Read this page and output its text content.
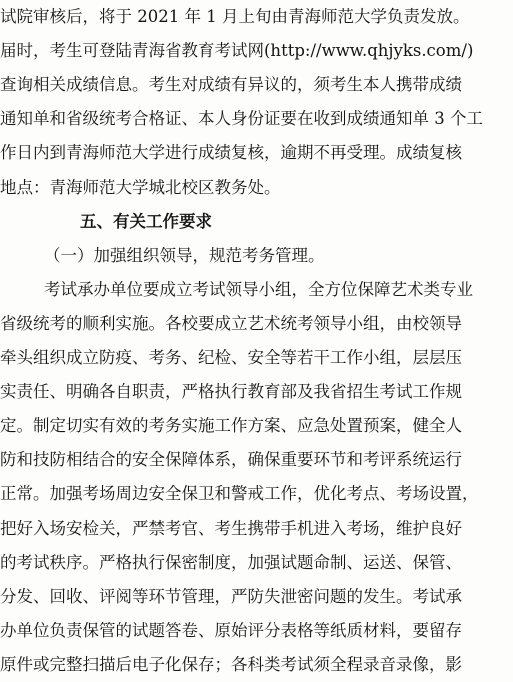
试院审核后，将于 2021 年 1 月上旬由青海师范大学负责发放。
届时，考生可登陆青海省教育考试网(http://www.qhjyks.com/)
查询相关成绩信息。考生对成绩有异议的，须考生本人携带成绩
通知单和省级统考合格证、本人身份证要在收到成绩通知单 3 个工
作日内到青海师范大学进行成绩复核，逾期不再受理。成绩复核
地点：青海师范大学城北校区教务处。
五、有关工作要求
（一）加强组织领导，规范考务管理。
考试承办单位要成立考试领导小组，全方位保障艺术类专业
省级统考的顺利实施。各校要成立艺术统考领导小组，由校领导
牵头组织成立防疫、考务、纪检、安全等若干工作小组，层层压
实责任、明确各自职责，严格执行教育部及我省招生考试工作规
定。制定切实有效的考务实施工作方案、应急处置预案，健全人
防和技防相结合的安全保障体系，确保重要环节和考评系统运行
正常。加强考场周边安全保卫和警戒工作，优化考点、考场设置，
把好入场安检关，严禁考官、考生携带手机进入考场，维护良好
的考试秩序。严格执行保密制度，加强试题命制、运送、保管、
分发、回收、评阅等环节管理，严防失泄密问题的发生。考试承
办单位负责保管的试题答卷、原始评分表格等纸质材料，要留存
原件或完整扫描后电子化保存；各科类考试须全程录音录像，影
